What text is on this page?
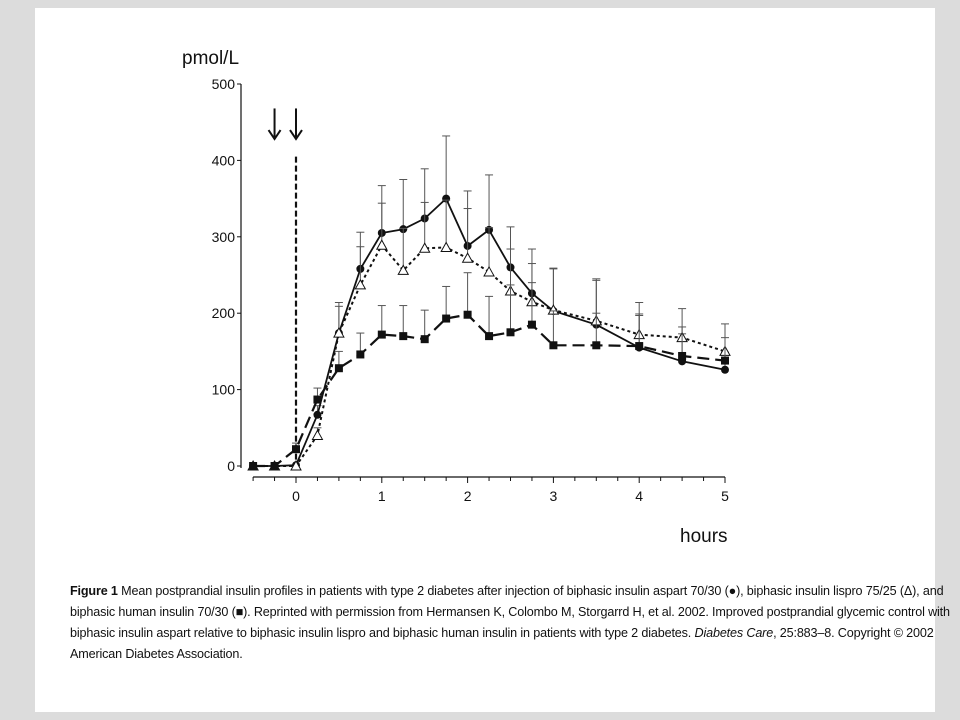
pmol/L
hours
0
100
200
300
400
500
0	1	2	3	4	5
Figure 1 Mean postprandial insulin profiles in patients with type 2 diabetes after injection of biphasic insulin aspart 70/30 (●), biphasic insulin lispro 75/25 (Δ), and biphasic human insulin 70/30 (■). Reprinted with permission from Hermansen K, Colombo M, Storgarrd H, et al. 2002. Improved postprandial glycemic control with biphasic insulin aspart relative to biphasic insulin lispro and biphasic human insulin in patients with type 2 diabetes. Diabetes Care, 25:883–8. Copyright © 2002 American Diabetes Association.
